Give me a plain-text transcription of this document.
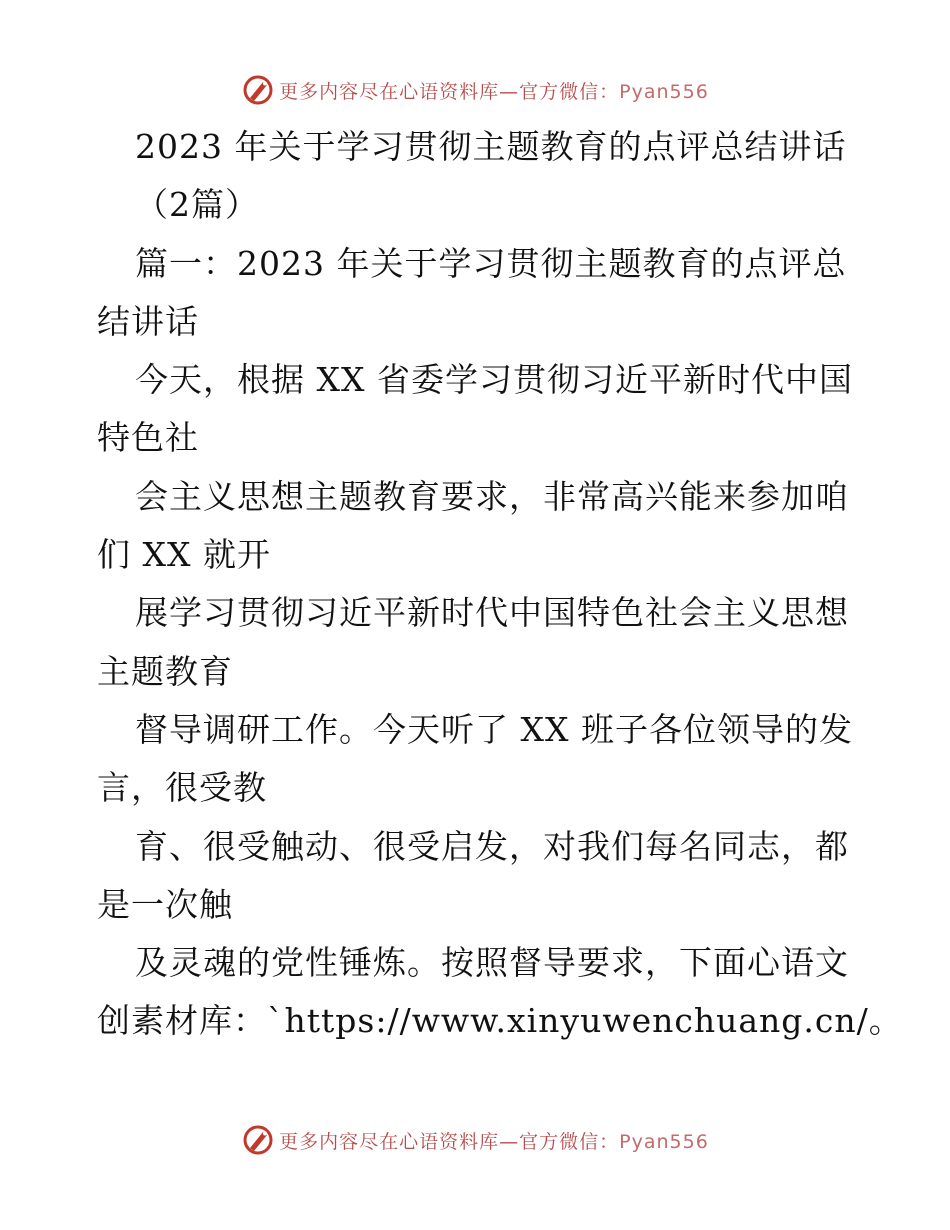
更多内容尽在心语资料库—官方微信：Pyan556
2023 年关于学习贯彻主题教育的点评总结讲话
（2篇）
篇一：2023 年关于学习贯彻主题教育的点评总
结讲话
今天，根据 XX 省委学习贯彻习近平新时代中国
特色社
会主义思想主题教育要求，非常高兴能来参加咱
们 XX 就开
展学习贯彻习近平新时代中国特色社会主义思想
主题教育
督导调研工作。今天听了 XX 班子各位领导的发
言，很受教
育、很受触动、很受启发，对我们每名同志，都
是一次触
及灵魂的党性锤炼。按照督导要求，下面心语文
创素材库：`https://www.xinyuwenchuang.cn/。
更多内容尽在心语资料库—官方微信：Pyan556
